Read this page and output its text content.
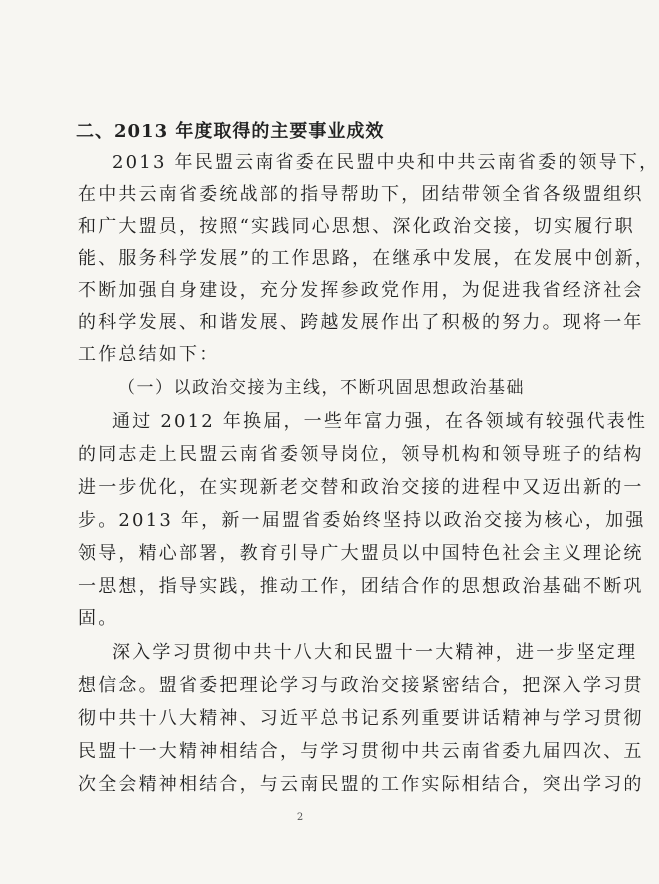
二、2013 年度取得的主要事业成效
2013 年民盟云南省委在民盟中央和中共云南省委的领导下，
在中共云南省委统战部的指导帮助下，团结带领全省各级盟组织
和广大盟员，按照“实践同心思想、深化政治交接，切实履行职
能、服务科学发展”的工作思路，在继承中发展，在发展中创新，
不断加强自身建设，充分发挥参政党作用，为促进我省经济社会
的科学发展、和谐发展、跨越发展作出了积极的努力。现将一年
工作总结如下：
（一）以政治交接为主线，不断巩固思想政治基础
通过 2012 年换届，一些年富力强，在各领域有较强代表性
的同志走上民盟云南省委领导岗位，领导机构和领导班子的结构
进一步优化，在实现新老交替和政治交接的进程中又迈出新的一
步。2013 年，新一届盟省委始终坚持以政治交接为核心，加强
领导，精心部署，教育引导广大盟员以中国特色社会主义理论统
一思想，指导实践，推动工作，团结合作的思想政治基础不断巩
固。
深入学习贯彻中共十八大和民盟十一大精神，进一步坚定理
想信念。盟省委把理论学习与政治交接紧密结合，把深入学习贯
彻中共十八大精神、习近平总书记系列重要讲话精神与学习贯彻
民盟十一大精神相结合，与学习贯彻中共云南省委九届四次、五
次全会精神相结合，与云南民盟的工作实际相结合，突出学习的
2
